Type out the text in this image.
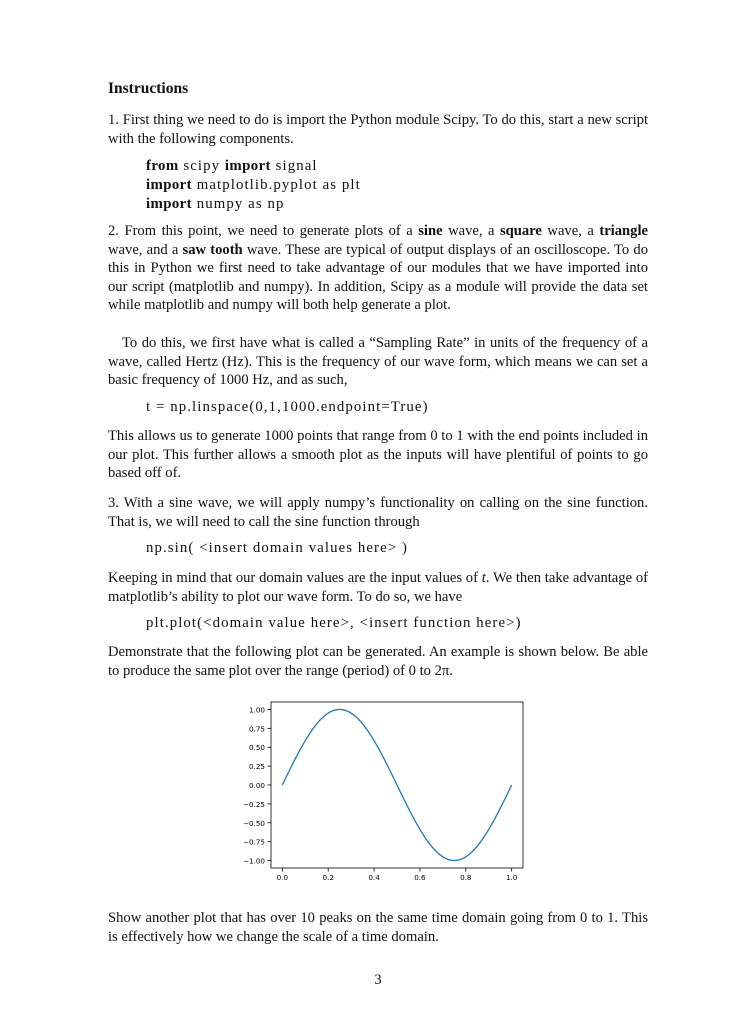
Instructions
1. First thing we need to do is import the Python module Scipy. To do this, start a new script with the following components.
from scipy import signal
import matplotlib.pyplot as plt
import numpy as np
2. From this point, we need to generate plots of a sine wave, a square wave, a triangle wave, and a saw tooth wave. These are typical of output displays of an oscilloscope. To do this in Python we first need to take advantage of our modules that we have imported into our script (matplotlib and numpy). In addition, Scipy as a module will provide the data set while matplotlib and numpy will both help generate a plot.
To do this, we first have what is called a “Sampling Rate” in units of the frequency of a wave, called Hertz (Hz). This is the frequency of our wave form, which means we can set a basic frequency of 1000 Hz, and as such,
t = np.linspace(0,1,1000.endpoint=True)
This allows us to generate 1000 points that range from 0 to 1 with the end points included in our plot. This further allows a smooth plot as the inputs will have plentiful of points to go based off of.
3. With a sine wave, we will apply numpy’s functionality on calling on the sine function. That is, we will need to call the sine function through
np.sin( <insert domain values here> )
Keeping in mind that our domain values are the input values of t. We then take advantage of matplotlib’s ability to plot our wave form. To do so, we have
plt.plot(<domain value here>, <insert function here>)
Demonstrate that the following plot can be generated. An example is shown below. Be able to produce the same plot over the range (period) of 0 to 2π.
1.00
0.75
0.50
0.25
0.00
−0.25
−0.50
−0.75
−1.00
0.0	0.2	0.4	0.6	0.8	1.0
Show another plot that has over 10 peaks on the same time domain going from 0 to 1. This is effectively how we change the scale of a time domain.
3
